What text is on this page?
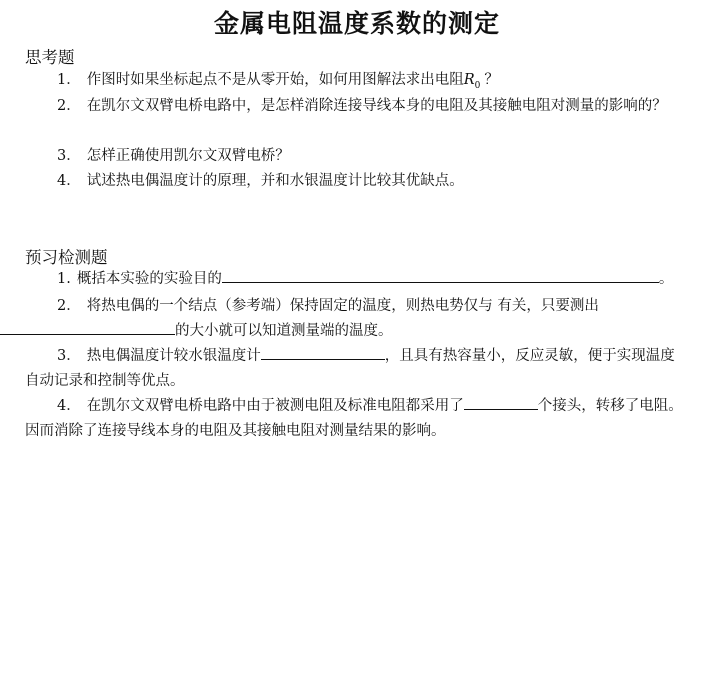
金属电阻温度系数的测定
思考题
1． 作图时如果坐标起点不是从零开始，如何用图解法求出电阻$R_0$ ？
2． 在凯尔文双臂电桥电路中，是怎样消除连接导线本身的电阻及其接触电阻对测量的影响的？
3． 怎样正确使用凯尔文双臂电桥？
4． 试述热电偶温度计的原理，并和水银温度计比较其优缺点。
预习检测题
1. 概括本实验的实验目的	。
2． 将热电偶的一个结点（参考端）保持固定的温度，则热电势仅与 有关，只要测出
的大小就可以知道测量端的温度。
3． 热电偶温度计较水银温度计	，且具有热容量小，反应灵敏，便于实现温度自动记录和控制等优点。
4． 在凯尔文双臂电桥电路中由于被测电阻及标准电阻都采用了	个接头，转移了电阻。因而消除了连接导线本身的电阻及其接触电阻对测量结果的影响。
